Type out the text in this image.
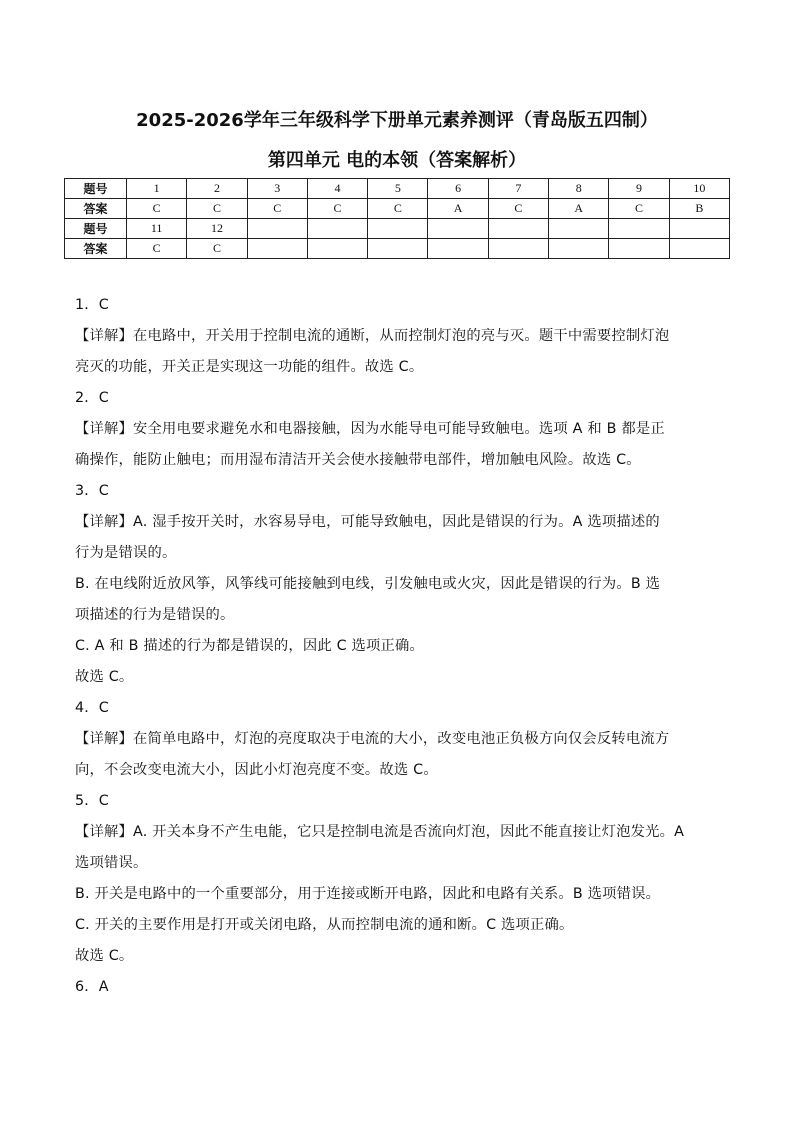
2025-2026学年三年级科学下册单元素养测评（青岛版五四制）
第四单元 电的本领（答案解析）
题号	1	2	3	4	5	6	7	8	9	10
答案	C	C	C	C	C	A	C	A	C	B
题号	11	12								
答案	C	C								

1．C

【详解】在电路中，开关用于控制电流的通断，从而控制灯泡的亮与灭。题干中需要控制灯泡

亮灭的功能，开关正是实现这一功能的组件。故选 C。

2．C

【详解】安全用电要求避免水和电器接触，因为水能导电可能导致触电。选项 A 和 B 都是正

确操作，能防止触电；而用湿布清洁开关会使水接触带电部件，增加触电风险。故选 C。

3．C

【详解】A. 湿手按开关时，水容易导电，可能导致触电，因此是错误的行为。A 选项描述的

行为是错误的。

B. 在电线附近放风筝，风筝线可能接触到电线，引发触电或火灾，因此是错误的行为。B 选

项描述的行为是错误的。

C. A 和 B 描述的行为都是错误的，因此 C 选项正确。

故选 C。

4．C

【详解】在简单电路中，灯泡的亮度取决于电流的大小，改变电池正负极方向仅会反转电流方

向，不会改变电流大小，因此小灯泡亮度不变。故选 C。

5．C

【详解】A. 开关本身不产生电能，它只是控制电流是否流向灯泡，因此不能直接让灯泡发光。A

选项错误。

B. 开关是电路中的一个重要部分，用于连接或断开电路，因此和电路有关系。B 选项错误。

C. 开关的主要作用是打开或关闭电路，从而控制电流的通和断。C 选项正确。

故选 C。

6．A
